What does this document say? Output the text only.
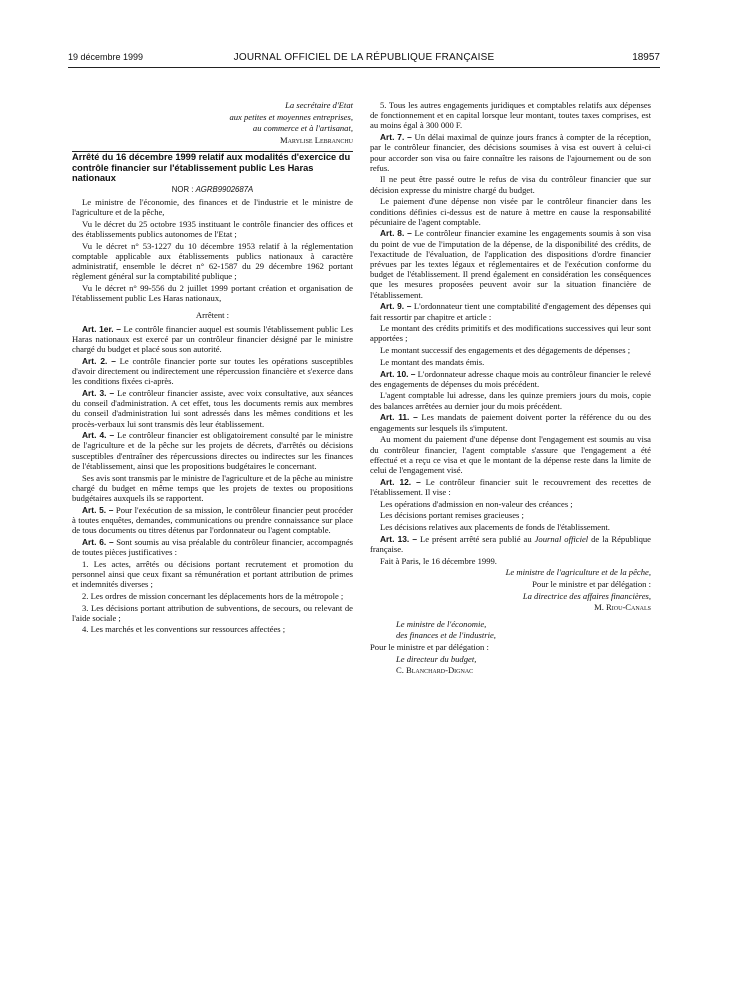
19 décembre 1999	JOURNAL OFFICIEL DE LA RÉPUBLIQUE FRANÇAISE	18957

La secrétaire d'Etat

aux petites et moyennes entreprises,

au commerce et à l'artisanat,

Marylise Lebranchu

Arrêté du 16 décembre 1999 relatif aux modalités d'exercice du contrôle financier sur l'établissement public Les Haras nationaux

NOR : AGRB9902687A

Le ministre de l'économie, des finances et de l'industrie et le ministre de l'agriculture et de la pêche,

Vu le décret du 25 octobre 1935 instituant le contrôle financier des offices et des établissements publics autonomes de l'Etat ;

Vu le décret n° 53-1227 du 10 décembre 1953 relatif à la réglementation comptable applicable aux établissements publics nationaux à caractère administratif, ensemble le décret n° 62-1587 du 29 décembre 1962 portant règlement général sur la comptabilité publique ;

Vu le décret n° 99-556 du 2 juillet 1999 portant création et organisation de l'établissement public Les Haras nationaux,

Arrêtent :

Art. 1er. – Le contrôle financier auquel est soumis l'établissement public Les Haras nationaux est exercé par un contrôleur financier désigné par le ministre chargé du budget et placé sous son autorité.

Art. 2. – Le contrôle financier porte sur toutes les opérations susceptibles d'avoir directement ou indirectement une répercussion financière et s'exerce dans les conditions fixées ci-après.

Art. 3. – Le contrôleur financier assiste, avec voix consultative, aux séances du conseil d'administration. A cet effet, tous les documents remis aux membres du conseil d'administration lui sont adressés dans les mêmes conditions et les procès-verbaux lui sont transmis dès leur établissement.

Art. 4. – Le contrôleur financier est obligatoirement consulté par le ministre de l'agriculture et de la pêche sur les projets de décrets, d'arrêtés ou décisions susceptibles d'entraîner des répercussions directes ou indirectes sur les finances de l'établissement, ainsi que les propositions budgétaires le concernant.

Ses avis sont transmis par le ministre de l'agriculture et de la pêche au ministre chargé du budget en même temps que les projets de textes ou propositions budgétaires auxquels ils se rapportent.

Art. 5. – Pour l'exécution de sa mission, le contrôleur financier peut procéder à toutes enquêtes, demandes, communications ou prendre connaissance sur place de tous documents ou titres détenus par l'ordonnateur ou l'agent comptable.

Art. 6. – Sont soumis au visa préalable du contrôleur financier, accompagnés de toutes pièces justificatives :

1. Les actes, arrêtés ou décisions portant recrutement et promotion du personnel ainsi que ceux fixant sa rémunération et portant attribution de primes et indemnités diverses ;

2. Les ordres de mission concernant les déplacements hors de la métropole ;

3. Les décisions portant attribution de subventions, de secours, ou relevant de l'aide sociale ;

4. Les marchés et les conventions sur ressources affectées ;

5. Tous les autres engagements juridiques et comptables relatifs aux dépenses de fonctionnement et en capital lorsque leur montant, toutes taxes comprises, est au moins égal à 300 000 F.

Art. 7. – Un délai maximal de quinze jours francs à compter de la réception, par le contrôleur financier, des décisions soumises à visa est ouvert à celui-ci pour accorder son visa ou faire connaître les raisons de l'ajournement ou de son refus.

Il ne peut être passé outre le refus de visa du contrôleur financier que sur décision expresse du ministre chargé du budget.

Le paiement d'une dépense non visée par le contrôleur financier dans les conditions définies ci-dessus est de nature à mettre en cause la responsabilité pécuniaire de l'agent comptable.

Art. 8. – Le contrôleur financier examine les engagements soumis à son visa du point de vue de l'imputation de la dépense, de la disponibilité des crédits, de l'exactitude de l'évaluation, de l'application des dispositions d'ordre financier prévues par les textes légaux et réglementaires et de l'exécution conforme du budget de l'établissement. Il prend également en considération les conséquences que les mesures proposées peuvent avoir sur la situation financière de l'établissement.

Art. 9. – L'ordonnateur tient une comptabilité d'engagement des dépenses qui fait ressortir par chapitre et article :

Le montant des crédits primitifs et des modifications successives qui leur sont apportées ;

Le montant successif des engagements et des dégagements de dépenses ;

Le montant des mandats émis.

Art. 10. – L'ordonnateur adresse chaque mois au contrôleur financier le relevé des engagements de dépenses du mois précédent.

L'agent comptable lui adresse, dans les quinze premiers jours du mois, copie des balances arrêtées au dernier jour du mois précédent.

Art. 11. – Les mandats de paiement doivent porter la référence du ou des engagements sur lesquels ils s'imputent.

Au moment du paiement d'une dépense dont l'engagement est soumis au visa du contrôleur financier, l'agent comptable s'assure que l'engagement a été effectué et a reçu ce visa et que le montant de la dépense reste dans la limite de celui de l'engagement visé.

Art. 12. – Le contrôleur financier suit le recouvrement des recettes de l'établissement. Il vise :

Les opérations d'admission en non-valeur des créances ;

Les décisions portant remises gracieuses ;

Les décisions relatives aux placements de fonds de l'établissement.

Art. 13. – Le présent arrêté sera publié au Journal officiel de la République française.

Fait à Paris, le 16 décembre 1999.

Le ministre de l'agriculture et de la pêche,

Pour le ministre et par délégation :

La directrice des affaires financières,

M. Riou-Canals

Le ministre de l'économie,

des finances et de l'industrie,

Pour le ministre et par délégation :

Le directeur du budget,

C. Blanchard-Dignac
